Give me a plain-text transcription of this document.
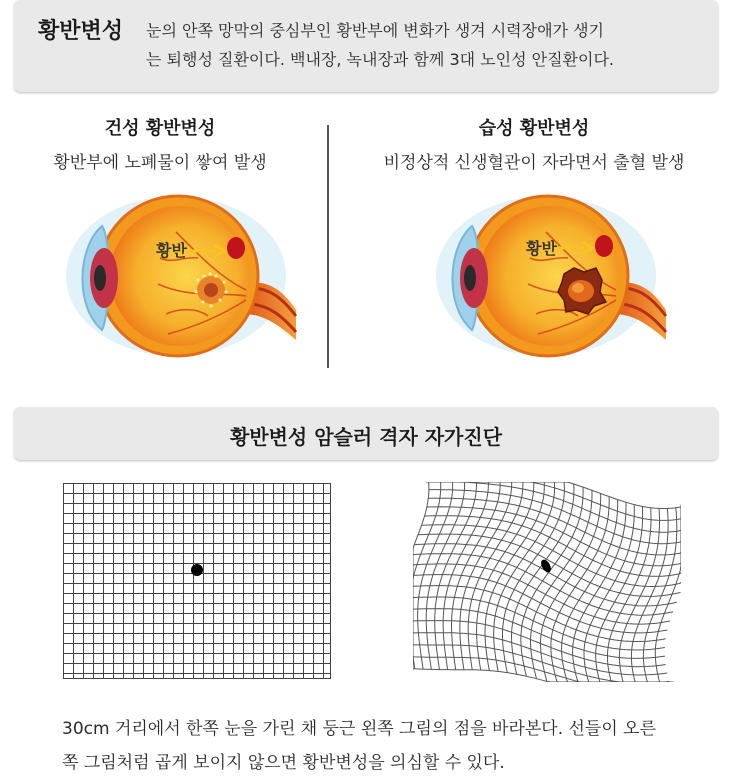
황반변성 눈의 안쪽 망막의 중심부인 황반부에 변화가 생겨 시력장애가 생기
는 퇴행성 질환이다. 백내장, 녹내장과 함께 3대 노인성 안질환이다.
건성 황반변성
황반부에 노폐물이 쌓여 발생
습성 황반변성
비정상적 신생혈관이 자라면서 출혈 발생
황반	황반
황반변성 암슬러 격자 자가진단
30cm 거리에서 한쪽 눈을 가린 채 둥근 왼쪽 그림의 점을 바라본다. 선들이 오른
쪽 그림처럼 곱게 보이지 않으면 황반변성을 의심할 수 있다.
